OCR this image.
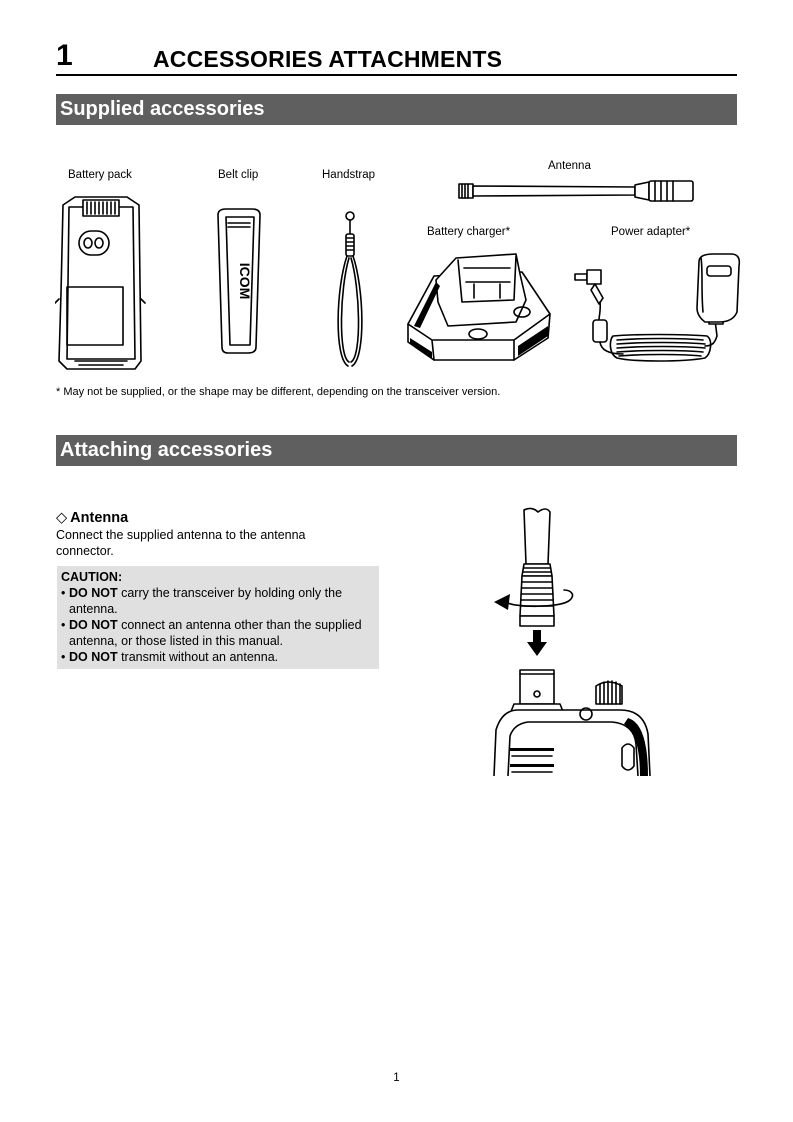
1	ACCESSORIES ATTACHMENTS
Supplied accessories
Battery pack	Belt clip	Handstrap
Antenna
Battery charger*	Power adapter*
ICOM
* May not be supplied, or the shape may be different, depending on the transceiver version.
Attaching accessories
◇ Antenna
Connect the supplied antenna to the antenna connector.
CAUTION:
• DO NOT carry the transceiver by holding only the antenna.
• DO NOT connect an antenna other than the supplied antenna, or those listed in this manual.
• DO NOT transmit without an antenna.
1
